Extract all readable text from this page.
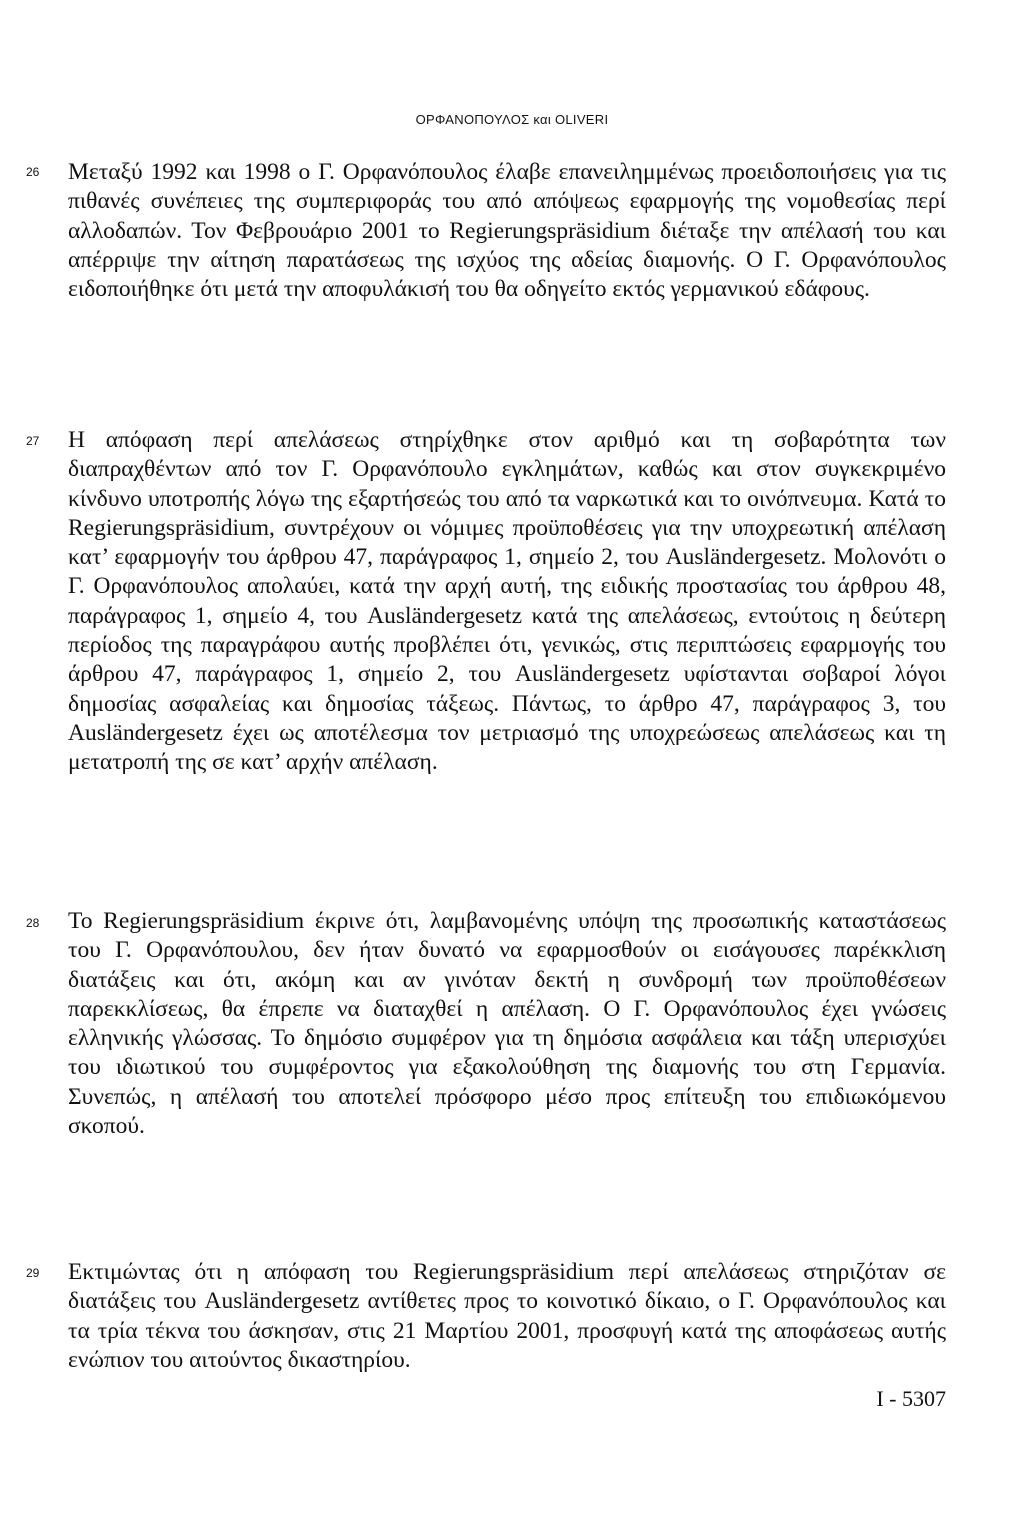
ΟΡΦΑΝΟΠΟΥΛΟΣ και OLIVERI
26 Μεταξύ 1992 και 1998 ο Γ. Ορφανόπουλος έλαβε επανειλημμένως προειδοποιήσεις για τις πιθανές συνέπειες της συμπεριφοράς του από απόψεως εφαρμογής της νομοθεσίας περί αλλοδαπών. Τον Φεβρουάριο 2001 το Regierungspräsidium διέταξε την απέλασή του και απέρριψε την αίτηση παρατάσεως της ισχύος της αδείας διαμονής. Ο Γ. Ορφανόπουλος ειδοποιήθηκε ότι μετά την αποφυλάκισή του θα οδηγείτο εκτός γερμανικού εδάφους.
27 Η απόφαση περί απελάσεως στηρίχθηκε στον αριθμό και τη σοβαρότητα των διαπραχθέντων από τον Γ. Ορφανόπουλο εγκλημάτων, καθώς και στον συγκεκριμένο κίνδυνο υποτροπής λόγω της εξαρτήσεώς του από τα ναρκωτικά και το οινόπνευμα. Κατά το Regierungspräsidium, συντρέχουν οι νόμιμες προϋποθέσεις για την υποχρεωτική απέλαση κατ’ εφαρμογήν του άρθρου 47, παράγραφος 1, σημείο 2, του Ausländergesetz. Μολονότι ο Γ. Ορφανόπουλος απολαύει, κατά την αρχή αυτή, της ειδικής προστασίας του άρθρου 48, παράγραφος 1, σημείο 4, του Ausländergesetz κατά της απελάσεως, εντούτοις η δεύτερη περίοδος της παραγράφου αυτής προβλέπει ότι, γενικώς, στις περιπτώσεις εφαρμογής του άρθρου 47, παράγραφος 1, σημείο 2, του Ausländergesetz υφίστανται σοβαροί λόγοι δημοσίας ασφαλείας και δημοσίας τάξεως. Πάντως, το άρθρο 47, παράγραφος 3, του Ausländergesetz έχει ως αποτέλεσμα τον μετριασμό της υποχρεώσεως απελάσεως και τη μετατροπή της σε κατ’ αρχήν απέλαση.
28 Το Regierungspräsidium έκρινε ότι, λαμβανομένης υπόψη της προσωπικής καταστάσεως του Γ. Ορφανόπουλου, δεν ήταν δυνατό να εφαρμοσθούν οι εισάγουσες παρέκκλιση διατάξεις και ότι, ακόμη και αν γινόταν δεκτή η συνδρομή των προϋποθέσεων παρεκκλίσεως, θα έπρεπε να διαταχθεί η απέλαση. Ο Γ. Ορφανόπουλος έχει γνώσεις ελληνικής γλώσσας. Το δημόσιο συμφέρον για τη δημόσια ασφάλεια και τάξη υπερισχύει του ιδιωτικού του συμφέροντος για εξακολούθηση της διαμονής του στη Γερμανία. Συνεπώς, η απέλασή του αποτελεί πρόσφορο μέσο προς επίτευξη του επιδιωκόμενου σκοπού.
29 Εκτιμώντας ότι η απόφαση του Regierungspräsidium περί απελάσεως στηριζόταν σε διατάξεις του Ausländergesetz αντίθετες προς το κοινοτικό δίκαιο, ο Γ. Ορφανόπουλος και τα τρία τέκνα του άσκησαν, στις 21 Μαρτίου 2001, προσφυγή κατά της αποφάσεως αυτής ενώπιον του αιτούντος δικαστηρίου.
I - 5307
